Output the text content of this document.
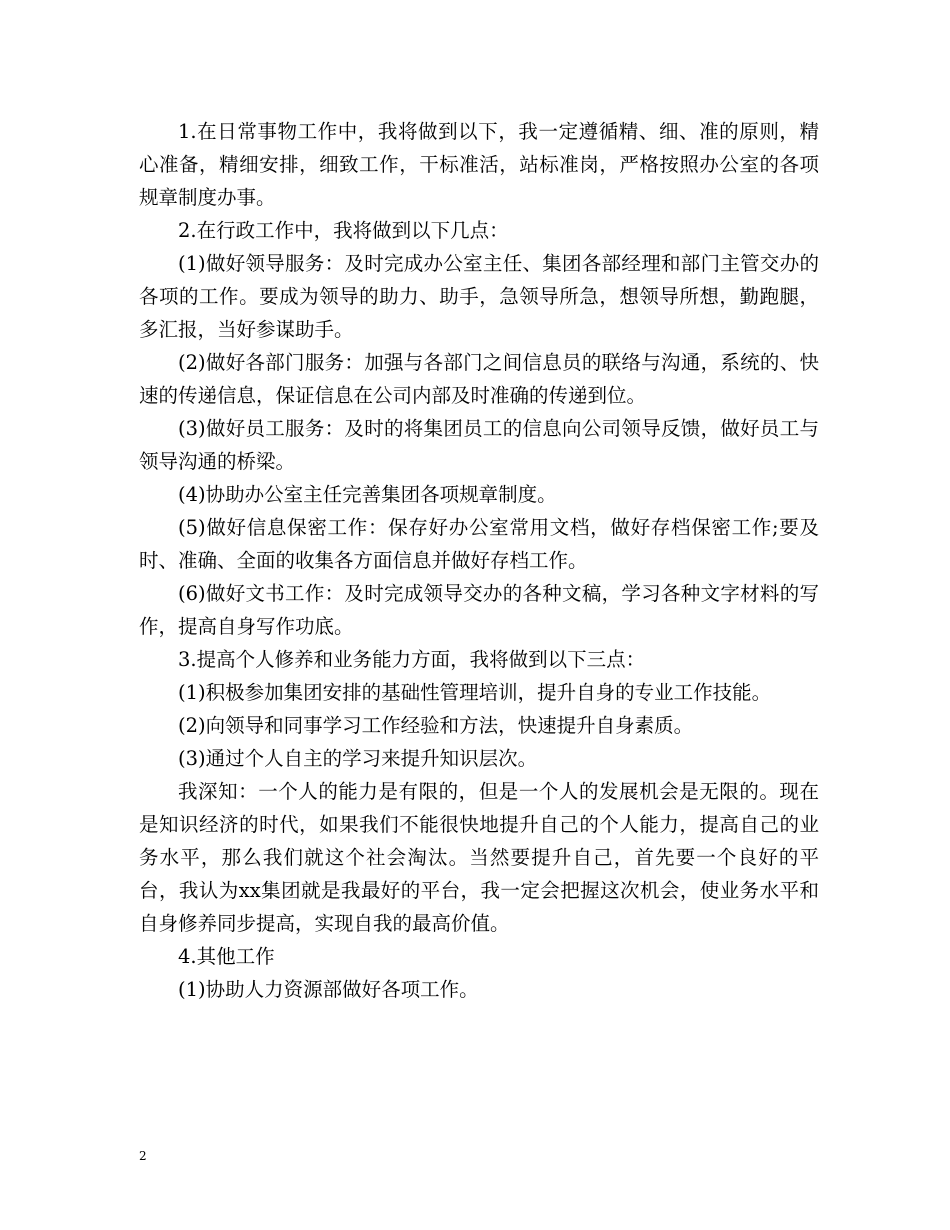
1.在日常事物工作中，我将做到以下，我一定遵循精、细、准的原则，精心准备，精细安排，细致工作，干标准活，站标准岗，严格按照办公室的各项规章制度办事。

2.在行政工作中，我将做到以下几点：

(1)做好领导服务：及时完成办公室主任、集团各部经理和部门主管交办的各项的工作。要成为领导的助力、助手，急领导所急，想领导所想，勤跑腿，多汇报，当好参谋助手。

(2)做好各部门服务：加强与各部门之间信息员的联络与沟通，系统的、快速的传递信息，保证信息在公司内部及时准确的传递到位。

(3)做好员工服务：及时的将集团员工的信息向公司领导反馈，做好员工与领导沟通的桥梁。

(4)协助办公室主任完善集团各项规章制度。

(5)做好信息保密工作：保存好办公室常用文档，做好存档保密工作;要及时、准确、全面的收集各方面信息并做好存档工作。

(6)做好文书工作：及时完成领导交办的各种文稿，学习各种文字材料的写作，提高自身写作功底。

3.提高个人修养和业务能力方面，我将做到以下三点：

(1)积极参加集团安排的基础性管理培训，提升自身的专业工作技能。

(2)向领导和同事学习工作经验和方法，快速提升自身素质。

(3)通过个人自主的学习来提升知识层次。

我深知：一个人的能力是有限的，但是一个人的发展机会是无限的。现在是知识经济的时代，如果我们不能很快地提升自己的个人能力，提高自己的业务水平，那么我们就这个社会淘汰。当然要提升自己，首先要一个良好的平台，我认为xx集团就是我最好的平台，我一定会把握这次机会，使业务水平和自身修养同步提高，实现自我的最高价值。

4.其他工作

(1)协助人力资源部做好各项工作。

2
